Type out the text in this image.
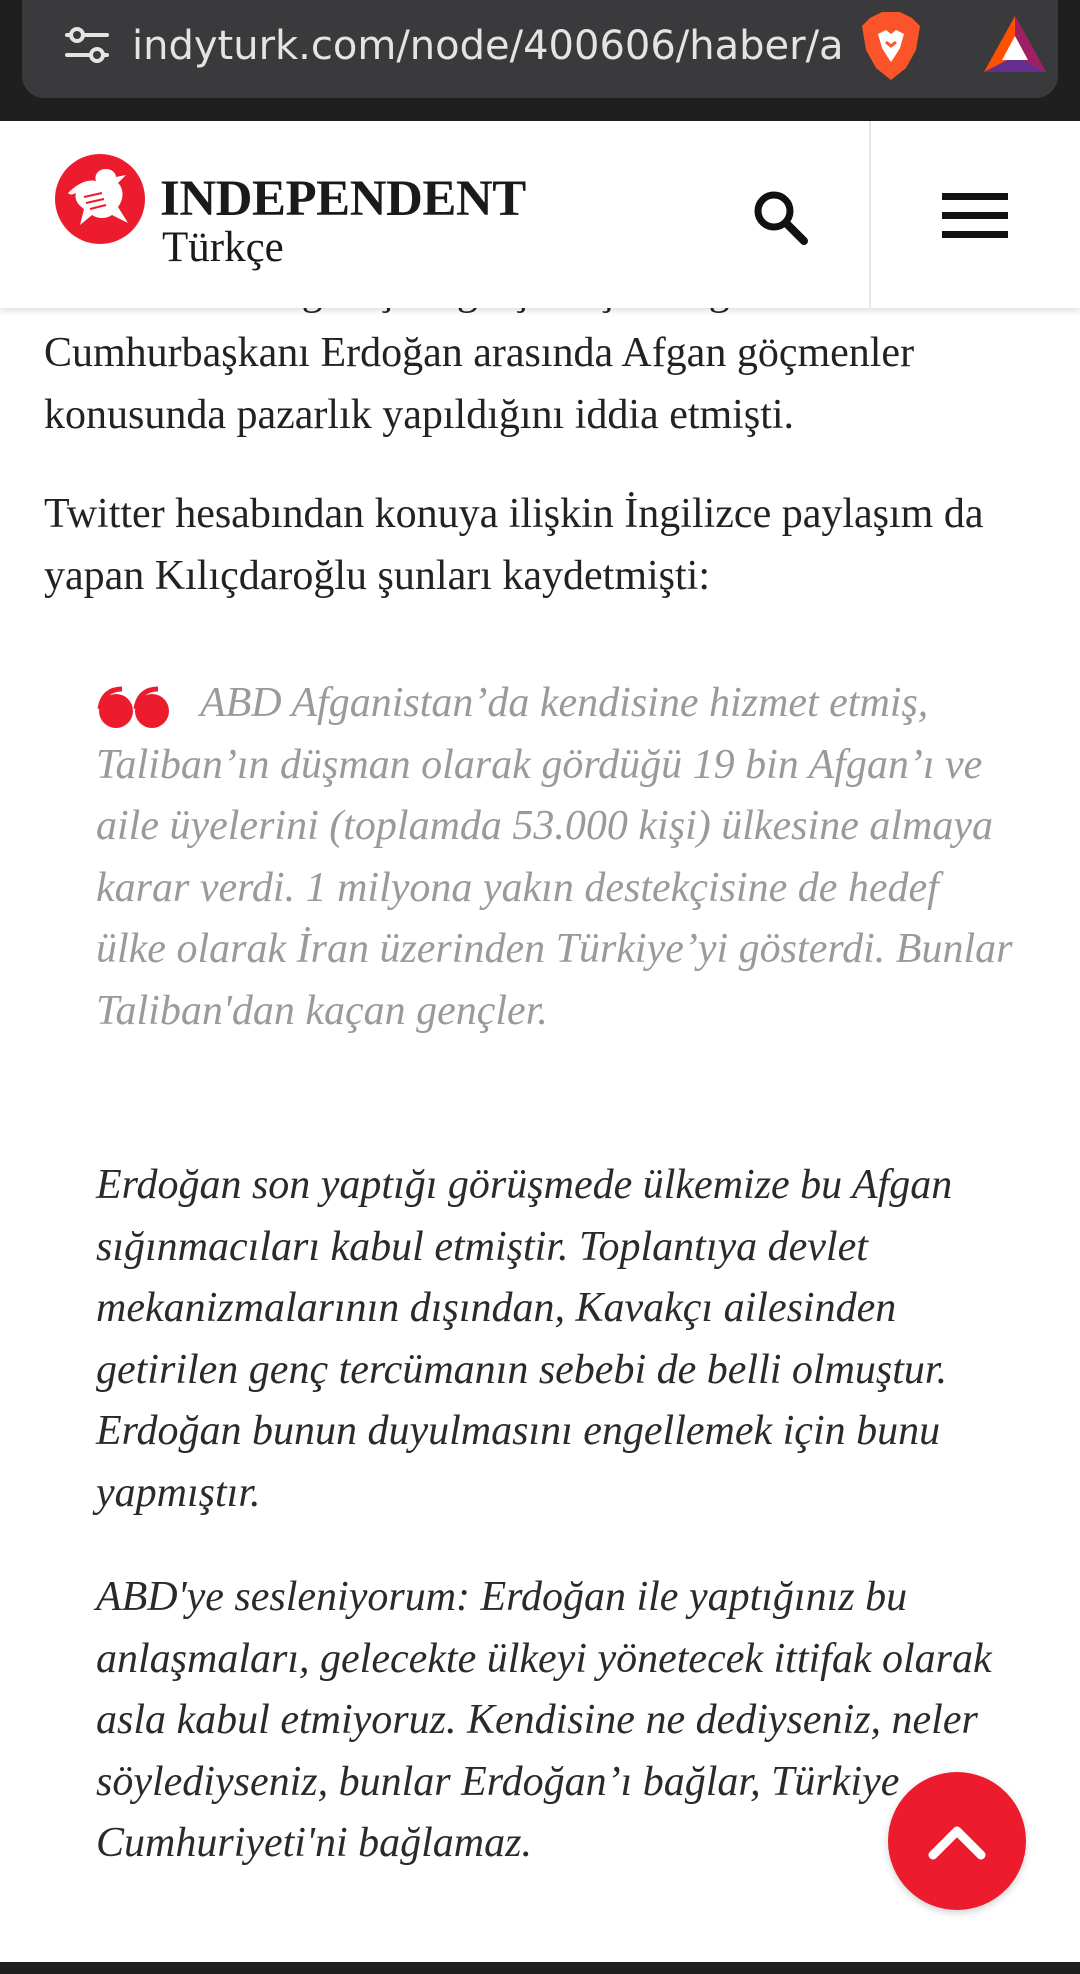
indyturk.com/node/400606/haber/a
INDEPENDENT
Türkçe

Cumhurbaşkanı Erdoğan arasında Afgan göçmenler konusunda pazarlık yapıldığını iddia etmişti.

Twitter hesabından konuya ilişkin İngilizce paylaşım da yapan Kılıçdaroğlu şunları kaydetmişti:

ABD Afganistan’da kendisine hizmet etmiş, Taliban’ın düşman olarak gördüğü 19 bin Afgan’ı ve aile üyelerini (toplamda 53.000 kişi) ülkesine almaya karar verdi. 1 milyona yakın destekçisine de hedef ülke olarak İran üzerinden Türkiye’yi gösterdi. Bunlar Taliban'dan kaçan gençler.

Erdoğan son yaptığı görüşmede ülkemize bu Afgan sığınmacıları kabul etmiştir. Toplantıya devlet mekanizmalarının dışından, Kavakçı ailesinden getirilen genç tercümanın sebebi de belli olmuştur. Erdoğan bunun duyulmasını engellemek için bunu yapmıştır.

ABD'ye sesleniyorum: Erdoğan ile yaptığınız bu anlaşmaları, gelecekte ülkeyi yönetecek ittifak olarak asla kabul etmiyoruz. Kendisine ne dediyseniz, neler söylediyseniz, bunlar Erdoğan’ı bağlar, Türkiye Cumhuriyeti'ni bağlamaz.
